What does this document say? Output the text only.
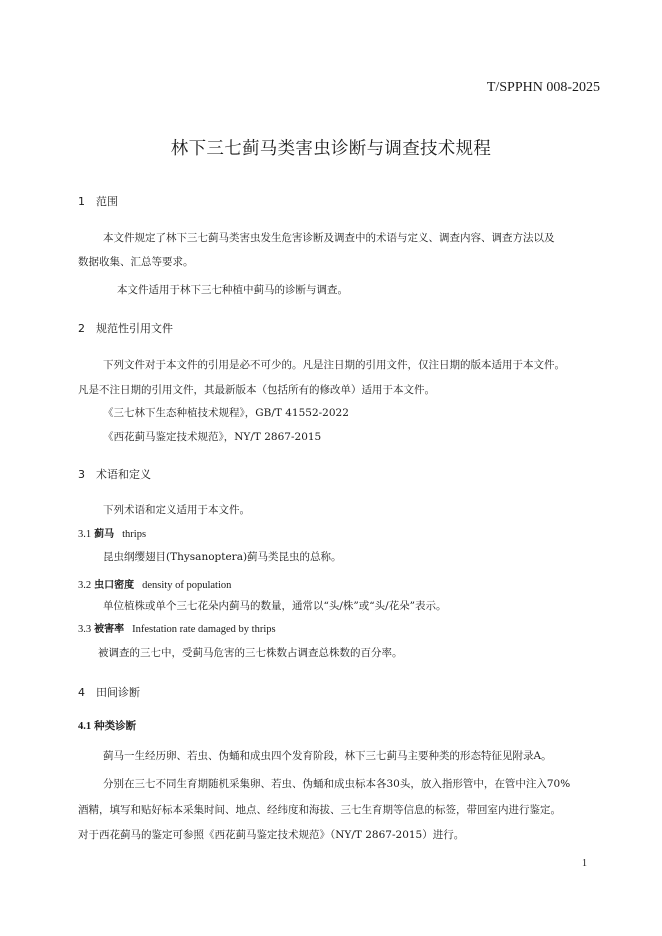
T/SPPHN 008-2025
林下三七蓟马类害虫诊断与调查技术规程
1 范围
本文件规定了林下三七蓟马类害虫发生危害诊断及调查中的术语与定义、调查内容、调查方法以及
数据收集、汇总等要求。
本文件适用于林下三七种植中蓟马的诊断与调查。
2 规范性引用文件
下列文件对于本文件的引用是必不可少的。凡是注日期的引用文件，仅注日期的版本适用于本文件。
凡是不注日期的引用文件，其最新版本（包括所有的修改单）适用于本文件。
《三七林下生态种植技术规程》，GB/T 41552-2022
《西花蓟马鉴定技术规范》，NY/T 2867-2015
3 术语和定义
下列术语和定义适用于本文件。
3.1 蓟马 thrips
昆虫纲缨翅目(Thysanoptera)蓟马类昆虫的总称。
3.2 虫口密度 density of population
单位植株或单个三七花朵内蓟马的数量，通常以“头/株”或“头/花朵”表示。
3.3 被害率 Infestation rate damaged by thrips
被调查的三七中，受蓟马危害的三七株数占调查总株数的百分率。
4 田间诊断
4.1 种类诊断
蓟马一生经历卵、若虫、伪蛹和成虫四个发育阶段，林下三七蓟马主要种类的形态特征见附录A。
分别在三七不同生育期随机采集卵、若虫、伪蛹和成虫标本各30头，放入指形管中，在管中注入70%
酒精，填写和贴好标本采集时间、地点、经纬度和海拔、三七生育期等信息的标签，带回室内进行鉴定。
对于西花蓟马的鉴定可参照《西花蓟马鉴定技术规范》（NY/T 2867-2015）进行。
1
